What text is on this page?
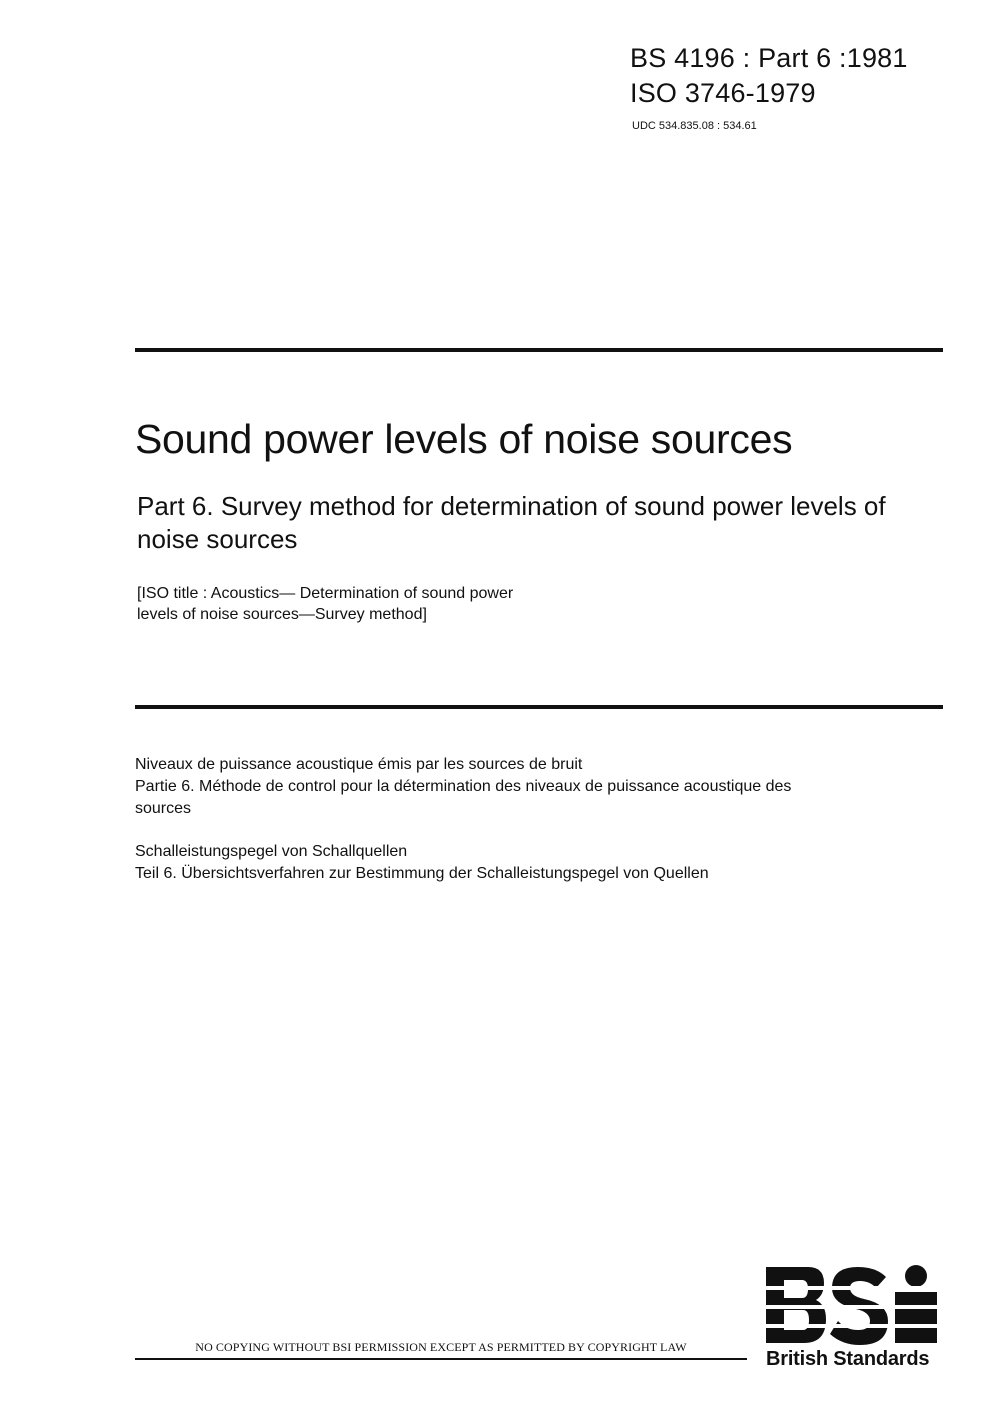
BS 4196 : Part 6 :1981
ISO 3746-1979
UDC 534.835.08 : 534.61
Sound power levels of noise sources
Part 6. Survey method for determination of sound power levels of noise sources
[ISO title : Acoustics— Determination of sound power
levels of noise sources—Survey method]
Niveaux de puissance acoustique émis par les sources de bruit
Partie 6. Méthode de control pour la détermination des niveaux de puissance acoustique des
sources
Schalleistungspegel von Schallquellen
Teil 6. Übersichtsverfahren zur Bestimmung der Schalleistungspegel von Quellen
NO COPYING WITHOUT BSI PERMISSION EXCEPT AS PERMITTED BY COPYRIGHT LAW
British Standards
